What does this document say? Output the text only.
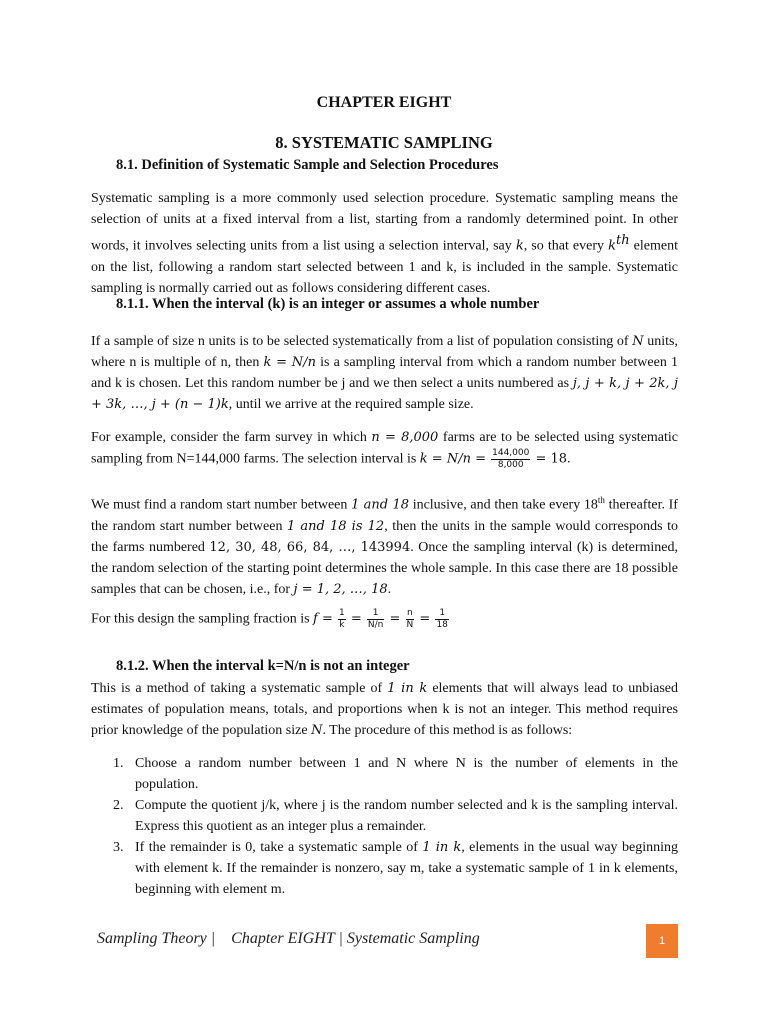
CHAPTER EIGHT
8. SYSTEMATIC SAMPLING
8.1. Definition of Systematic Sample and Selection Procedures
Systematic sampling is a more commonly used selection procedure. Systematic sampling means the selection of units at a fixed interval from a list, starting from a randomly determined point. In other words, it involves selecting units from a list using a selection interval, say k, so that every $k^{th}$ element on the list, following a random start selected between 1 and k, is included in the sample. Systematic sampling is normally carried out as follows considering different cases.
8.1.1. When the interval (k) is an integer or assumes a whole number
If a sample of size n units is to be selected systematically from a list of population consisting of N units, where n is multiple of n, then k = N/n is a sampling interval from which a random number between 1 and k is chosen. Let this random number be j and we then select a units numbered as j, j + k, j + 2k, j + 3k, …, j + (n − 1)k, until we arrive at the required sample size.
For example, consider the farm survey in which n = 8,000 farms are to be selected using systematic sampling from N=144,000 farms. The selection interval is $k = N/n = \frac{144,000}{8,000} = 18$.
We must find a random start number between 1 and 18 inclusive, and then take every 18th thereafter. If the random start number between 1 and 18 is 12, then the units in the sample would corresponds to the farms numbered 12, 30, 48, 66, 84, …, 143994. Once the sampling interval (k) is determined, the random selection of the starting point determines the whole sample. In this case there are 18 possible samples that can be chosen, i.e., for j = 1, 2, …, 18.
For this design the sampling fraction is $f = \frac{1}{k} = \frac{1}{N/n} = \frac{n}{N} = \frac{1}{18}$
8.1.2. When the interval k=N/n is not an integer
This is a method of taking a systematic sample of 1 in k elements that will always lead to unbiased estimates of population means, totals, and proportions when k is not an integer. This method requires prior knowledge of the population size N. The procedure of this method is as follows:
1. Choose a random number between 1 and N where N is the number of elements in the population.
2. Compute the quotient j/k, where j is the random number selected and k is the sampling interval. Express this quotient as an integer plus a remainder.
3. If the remainder is 0, take a systematic sample of 1 in k, elements in the usual way beginning with element k. If the remainder is nonzero, say m, take a systematic sample of 1 in k elements, beginning with element m.
Sampling Theory | Chapter EIGHT | Systematic Sampling	1
